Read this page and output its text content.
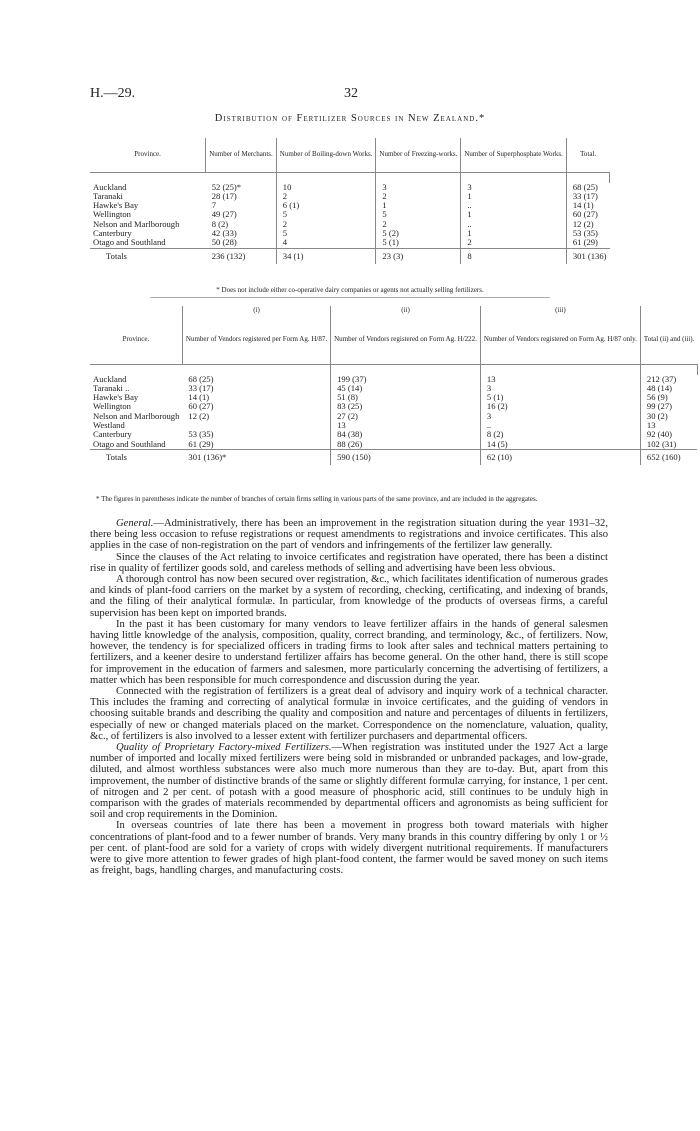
H.—29.	32
Distribution of Fertilizer Sources in New Zealand.*
Province.	Number of Merchants.	Number of Boiling-down Works.	Number of Freezing-works.	Number of Superphosphate Works.	Total.

Auckland	52 (25)*	10	3	3	68 (25)
Taranaki	28 (17)	2	2	1	33 (17)
Hawke's Bay	7	6 (1)	1	..	14 (1)
Wellington	49 (27)	5	5	1	60 (27)
Nelson and Marlborough	8 (2)	2	2	..	12 (2)
Canterbury	42 (33)	5	5 (2)	1	53 (35)
Otago and Southland	50 (28)	4	5 (1)	2	61 (29)
Totals	236 (132)	34 (1)	23 (3)	8	301 (136)
* Does not include either co-operative dairy companies or agents not actually selling fertilizers.
	(i)	(ii)	(iii)	
Province.	Number of Vendors registered per Form Ag. H/87.	Number of Vendors registered on Form Ag. H/222.	Number of Vendors registered on Form Ag. H/87 only.	Total (ii) and (iii).

Auckland	68 (25)	199 (37)	13	212 (37)
Taranaki ..	33 (17)	45 (14)	3	48 (14)
Hawke's Bay	14 (1)	51 (8)	5 (1)	56 (9)
Wellington	60 (27)	83 (25)	16 (2)	99 (27)
Nelson and Marlborough	12 (2)	27 (2)	3	30 (2)
Westland		13	..	13
Canterbury	53 (35)	84 (38)	8 (2)	92 (40)
Otago and Southland	61 (29)	88 (26)	14 (5)	102 (31)
Totals	301 (136)*	590 (150)	62 (10)	652 (160)
* The figures in parentheses indicate the number of branches of certain firms selling in various parts of the same province, and are included in the aggregates.

General.—Administratively, there has been an improvement in the registration situation during the year 1931–32, there being less occasion to refuse registrations or request amendments to registrations and invoice certificates. This also applies in the case of non-registration on the part of vendors and infringements of the fertilizer law generally.

Since the clauses of the Act relating to invoice certificates and registration have operated, there has been a distinct rise in quality of fertilizer goods sold, and careless methods of selling and advertising have been less obvious.

A thorough control has now been secured over registration, &c., which facilitates identification of numerous grades and kinds of plant-food carriers on the market by a system of recording, checking, certificating, and indexing of brands, and the filing of their analytical formulæ. In particular, from knowledge of the products of overseas firms, a careful supervision has been kept on imported brands.

In the past it has been customary for many vendors to leave fertilizer affairs in the hands of general salesmen having little knowledge of the analysis, composition, quality, correct branding, and terminology, &c., of fertilizers. Now, however, the tendency is for specialized officers in trading firms to look after sales and technical matters pertaining to fertilizers, and a keener desire to understand fertilizer affairs has become general. On the other hand, there is still scope for improvement in the education of farmers and salesmen, more particularly concerning the advertising of fertilizers, a matter which has been responsible for much correspondence and discussion during the year.

Connected with the registration of fertilizers is a great deal of advisory and inquiry work of a technical character. This includes the framing and correcting of analytical formulæ in invoice certificates, and the guiding of vendors in choosing suitable brands and describing the quality and composition and nature and percentages of diluents in fertilizers, especially of new or changed materials placed on the market. Correspondence on the nomenclature, valuation, quality, &c., of fertilizers is also involved to a lesser extent with fertilizer purchasers and departmental officers.

Quality of Proprietary Factory-mixed Fertilizers.—When registration was instituted under the 1927 Act a large number of imported and locally mixed fertilizers were being sold in misbranded or unbranded packages, and low-grade, diluted, and almost worthless substances were also much more numerous than they are to-day. But, apart from this improvement, the number of distinctive brands of the same or slightly different formulæ carrying, for instance, 1 per cent. of nitrogen and 2 per cent. of potash with a good measure of phosphoric acid, still continues to be unduly high in comparison with the grades of materials recommended by departmental officers and agronomists as being sufficient for soil and crop requirements in the Dominion.

In overseas countries of late there has been a movement in progress both toward materials with higher concentrations of plant-food and to a fewer number of brands. Very many brands in this country differing by only 1 or ½ per cent. of plant-food are sold for a variety of crops with widely divergent nutritional requirements. If manufacturers were to give more attention to fewer grades of high plant-food content, the farmer would be saved money on such items as freight, bags, handling charges, and manufacturing costs.
